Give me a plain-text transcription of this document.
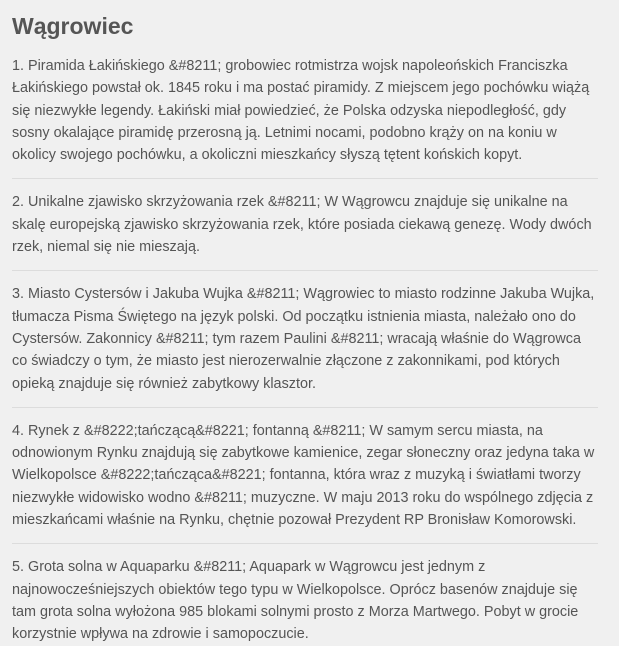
Wągrowiec

1. Piramida Łakińskiego &#8211; grobowiec rotmistrza wojsk napoleońskich Franciszka Łakińskiego powstał ok. 1845 roku i ma postać piramidy. Z miejscem jego pochówku wiążą się niezwykłe legendy. Łakiński miał powiedzieć, że Polska odzyska niepodległość, gdy sosny okalające piramidę przerosną ją. Letnimi nocami, podobno krąży on na koniu w okolicy swojego pochówku, a okoliczni mieszkańcy słyszą tętent końskich kopyt.

2. Unikalne zjawisko skrzyżowania rzek &#8211; W Wągrowcu znajduje się unikalne na skalę europejską zjawisko skrzyżowania rzek, które posiada ciekawą genezę. Wody dwóch rzek, niemal się nie mieszają.

3. Miasto Cystersów i Jakuba Wujka &#8211; Wągrowiec to miasto rodzinne Jakuba Wujka, tłumacza Pisma Świętego na język polski. Od początku istnienia miasta, należało ono do Cystersów. Zakonnicy &#8211; tym razem Paulini &#8211; wracają właśnie do Wągrowca co świadczy o tym, że miasto jest nierozerwalnie złączone z zakonnikami, pod których opieką znajduje się również zabytkowy klasztor.

4. Rynek z &#8222;tańczącą&#8221; fontanną &#8211; W samym sercu miasta, na odnowionym Rynku znajdują się zabytkowe kamienice, zegar słoneczny oraz jedyna taka w Wielkopolsce &#8222;tańcząca&#8221; fontanna, która wraz z muzyką i światłami tworzy niezwykłe widowisko wodno &#8211; muzyczne. W maju 2013 roku do wspólnego zdjęcia z mieszkańcami właśnie na Rynku, chętnie pozował Prezydent RP Bronisław Komorowski.

5. Grota solna w Aquaparku &#8211; Aquapark w Wągrowcu jest jednym z najnowocześniejszych obiektów tego typu w Wielkopolsce. Oprócz basenów znajduje się tam grota solna wyłożona 985 blokami solnymi prosto z Morza Martwego. Pobyt w grocie korzystnie wpływa na zdrowie i samopoczucie.
